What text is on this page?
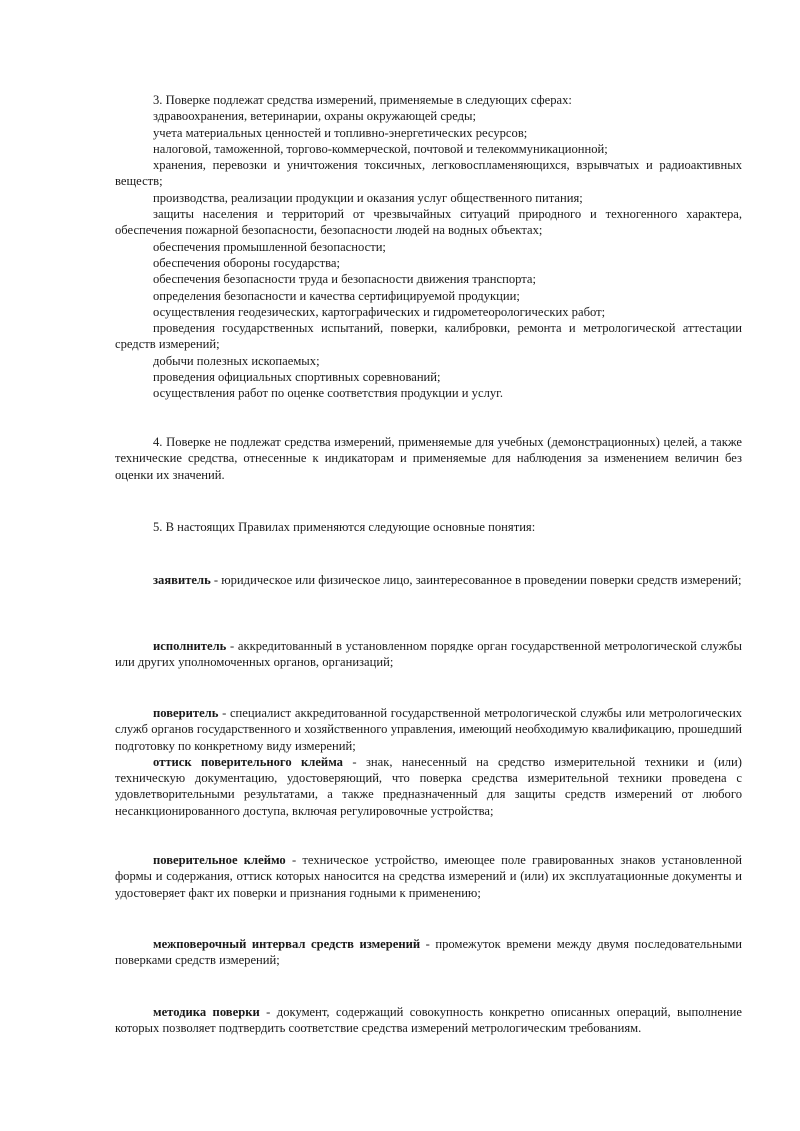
3. Поверке подлежат средства измерений, применяемые в следующих сферах:

здравоохранения, ветеринарии, охраны окружающей среды;

учета материальных ценностей и топливно-энергетических ресурсов;

налоговой, таможенной, торгово-коммерческой, почтовой и телекоммуникационной;

хранения, перевозки и уничтожения токсичных, легковоспламеняющихся, взрывчатых и радиоактивных веществ;

производства, реализации продукции и оказания услуг общественного питания;

защиты населения и территорий от чрезвычайных ситуаций природного и техногенного характера, обеспечения пожарной безопасности, безопасности людей на водных объектах;

обеспечения промышленной безопасности;

обеспечения обороны государства;

обеспечения безопасности труда и безопасности движения транспорта;

определения безопасности и качества сертифицируемой продукции;

осуществления геодезических, картографических и гидрометеорологических работ;

проведения государственных испытаний, поверки, калибровки, ремонта и метрологической аттестации средств измерений;

добычи полезных ископаемых;

проведения официальных спортивных соревнований;

осуществления работ по оценке соответствия продукции и услуг.

4. Поверке не подлежат средства измерений, применяемые для учебных (демонстрационных) целей, а также технические средства, отнесенные к индикаторам и применяемые для наблюдения за изменением величин без оценки их значений.

5. В настоящих Правилах применяются следующие основные понятия:

заявитель - юридическое или физическое лицо, заинтересованное в проведении поверки средств измерений;

исполнитель - аккредитованный в установленном порядке орган государственной метрологической службы или других уполномоченных органов, организаций;

поверитель - специалист аккредитованной государственной метрологической службы или метрологических служб органов государственного и хозяйственного управления, имеющий необходимую квалификацию, прошедший подготовку по конкретному виду измерений;

оттиск поверительного клейма - знак, нанесенный на средство измерительной техники и (или) техническую документацию, удостоверяющий, что поверка средства измерительной техники проведена с удовлетворительными результатами, а также предназначенный для защиты средств измерений от любого несанкционированного доступа, включая регулировочные устройства;

поверительное клеймо - техническое устройство, имеющее поле гравированных знаков установленной формы и содержания, оттиск которых наносится на средства измерений и (или) их эксплуатационные документы и удостоверяет факт их поверки и признания годными к применению;

межповерочный интервал средств измерений - промежуток времени между двумя последовательными поверками средств измерений;

методика поверки - документ, содержащий совокупность конкретно описанных операций, выполнение которых позволяет подтвердить соответствие средства измерений метрологическим требованиям.
